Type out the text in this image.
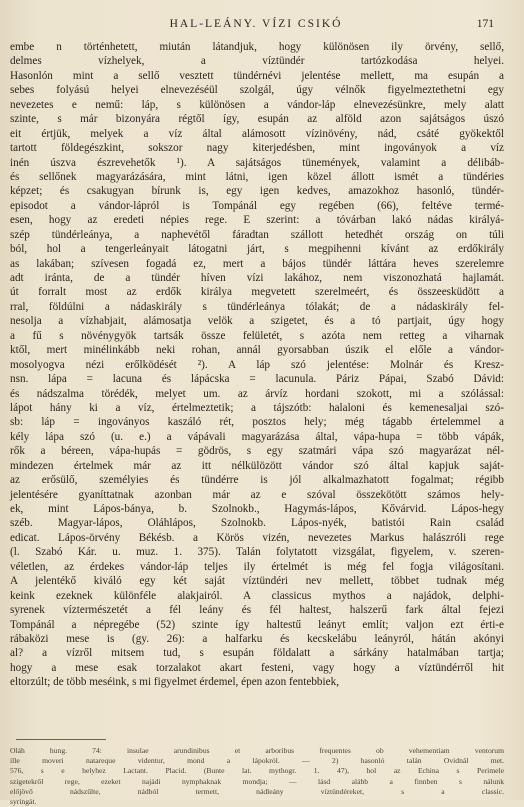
HAL-LEÁNY. VÍZI CSIKÓ	171
embe n történhetett, miután látandjuk, hogy különösen ily örvény, sellő,
delmes vízhelyek, a víztündér tartózkodása helyei.
Hasonlón mint a sellő vesztett tündérnévi jelentése mellett, ma esupán a
sebes folyású helyei elnevezéséül szolgál, úgy vélnők figyelmeztethetni egy
nevezetes e nemű: láp, s különösen a vándor-láp elnevezésünkre, mely alatt
szinte, s már bizonyára régtől így, esupán az alföld azon sajátságos úszó
eit értjük, melyek a víz által alámosott vízinövény, nád, csáté gyökektől
tartott földegészkint, sokszor nagy kiterjedésben, mint ingoványok a víz
inén úszva észrevehetők ¹). A sajátságos tünemények, valamint a délibáb-
és sellőnek magyarázására, mint látni, igen közel állott ismét a tündéries
képzet; és csakugyan bírunk is, egy igen kedves, amazokhoz hasonló, tündér-
episodot a vándor-lápról is Tompánál egy regében (66), feltéve termé-
esen, hogy az eredeti népies rege. E szerint: a tóvárban lakó nádas királyá-
szép tündérleánya, a naphevétől fáradtan szállott hetedhét ország on túli
ból, hol a tengerleányait látogatni járt, s megpihenni kívánt az erdőkirály
as lakában; szívesen fogadá ez, mert a bájos tündér láttára heves szerelemre
adt iránta, de a tündér híven vízi lakához, nem viszonozhatá hajlamát.
út forralt most az erdők királya megvetett szerelmeért, és összeesküdött a
rral, földúlni a nádaskirály s tündérleánya tólakát; de a nádaskirály fel-
nesolja a vízhabjait, alámosatja velök a szigetet, és a tó partjait, úgy hogy
a fű s növénygyök tartsák össze felületét, s azóta nem retteg a viharnak
ktől, mert minélinkább neki rohan, annál gyorsabban úszik el előle a vándor-
mosolyogva nézi erőlködését ²). A láp szó jelentése: Molnár és Kresz-
nsn. lápa = lacuna és lápácska = lacunula. Páriz Pápai, Szabó Dávid:
és nádszalma törédék, melyet um. az árvíz hordani szokott, mi a szólással:
lápot hány ki a víz, értelmeztetik; a tájszótb: halaloni és kemenesaljai szó-
sb: láp = ingoványos kaszáló rét, posztos hely; még tágabb értelemmel a
kély lápa szó (u. e.) a vápávali magyarázása által, vápa-hupa = több vápák,
rők a béreen, vápa-hupás = gödrös, s egy szatmári vápa szó magyarázat nél-
mindezen értelmek már az itt nélkülözött vándor szó által kapjuk saját-
az erősülő, személyies és tündérre is jól alkalmazhatott fogalmat; régibb
jelentésére gyaníttatnak azonban már az e szóval összekötött számos hely-
ek, mint Lápos-bánya, b. Szolnokb., Hagymás-lápos, Kővárvid. Lápos-hegy
széb. Magyar-lápos, Oláhlápos, Szolnokb. Lápos-nyék, batistói Rain család
edicat. Lápos-örvény Békésb. a Körös vizén, nevezetes Markus halászróli rege
(l. Szabó Kár. u. muz. 1. 375). Talán folytatott vizsgálat, figyelem, v. szeren-
véletlen, az érdekes vándor-láp teljes ily értelmét is még fel fogja világosítani.
A jelentékő kiváló egy két saját víztündéri nev mellett, többet tudnak még
keink ezeknek különféle alakjairól. A classicus mythos a najádok, delphi-
syrenek víztermészetét a fél leány és fél haltest, halszerű fark által fejezi
Tompánál a népregébe (52) szinte így haltestű leányt említ; valjon ezt érti-e
rábaközi mese is (gy. 26): a halfarku és kecskelábu leányról, hátán akónyi
al? a vízről mitsem tud, s esupán földalatt a sárkány hatalmában tartja;
hogy a mese esak torzalakot akart festeni, vagy hogy a víztündérről hit
eltorzúlt; de több meséink, s mi figyelmet érdemel, épen azon fentebbiek,
Oláh hung. 74: insulae arundinibus et arboribus frequentes ob vehementiam ventorum
ille moveri natareque videntur, mond a lápokról. — 2) hasonló talán Ovidnál met.
576, s e helyhez Lactant. Placid. (Bunte lat. mythogr. 1. 47), hol az Echina s Perimele
szigetekről rege, ezeket najádi nymphaknak mondja; — lásd alább a finnben s nálunk
előjövő nádszűlte, nádból termett, nádleány víztündéreket, s a classic.
syringát.
